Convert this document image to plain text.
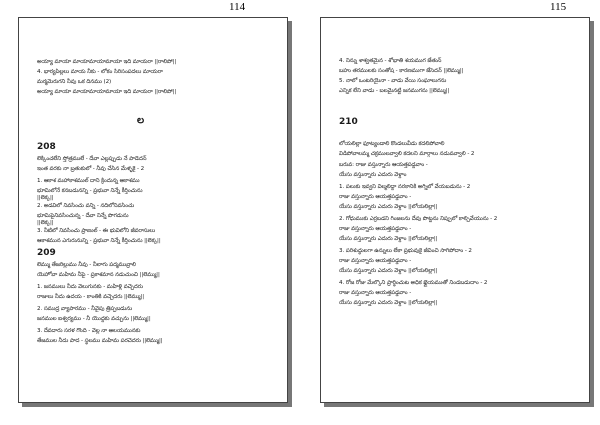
114	115
ల
208
209
అయ్యా మాయా మాయామాయామాయా ఇది మాయరా ||రాలిపో||
4. భార్యపిల్లలు మాయ నీకు - లోకం సిరిసంపదలు మాయరా
మర్మమెరుగని నీవు ఒక దినము (2)
అయ్యా మాయా మాయామాయామాయా ఇది మాయరా ||రాలిపో||
లెక్కించలేని స్తోత్రములే - దేవా ఎల్లప్పుడు నే పాడెదన్
ఇంత వరకు నా బ్రతుకులో - నీవు చేసిన మేళ్ళకై - 2
1. ఆకాశ మహాకాశముల్ దాని క్రిందున్న ఆకాశము
భూమిలోనే కనబడునన్ని - ప్రభువా నిన్నే కీర్తించును
||లెక్క||
2. అడవిలో నివసించు వన్ని - నదిలోనివసించు
భూమిపైనివసించున్న - దేవా నిన్నే పొగడును
||లెక్క||
3. నీటిలో నివసించు ప్రాణుల్ - ఈ భువిలోని జీవరాసులు
ఆకాశమున ఎగురునున్ని - ప్రభువా నిన్నే కీర్తించును ||లెక్క||
లెమ్ము తేజరిల్లుము నీవు - నీలాగు పద్మమువ్రాలి
యెహోవా మహిమ నీపై - ప్రకాశమాన నడుచుంచి ||లెమ్ము||
1. జనములు నీదు వెలుగునకు - మహిళ్లి వచ్చెదరు
రాజులు నీదు ఉదయ - కాంతికి వచ్చెదరు ||లెమ్ము||
2. సముద్ర వ్యాపారము - నీవైపు త్రిప్పబడును
జనముల ఐశ్వర్యము - నీ యొద్దకు వచ్చును ||లెమ్ము||
3. దేవదారు సరళ గొంది - వెల్ల నా ఆలయమునకు
తేజముల నీదు పాద - స్థలము మహిమ పరచెదరు ||లెమ్ము||
210
4. నిన్ను శాశ్వతమైన - శోభాతి శయముగ జేతున్
బహు తరములకు సంతోష - కారణముగా జేసెదన్ ||లెమ్ము||
5. నాలో ఒంటరియైనా - వాడు వేయి సంఘాలుగను
ఎన్నిక లేని వాడు - బలమైనట్టి జనముగను ||లెమ్ము||
లోయలిల్లా ఫూట్యండాలి కొండలువీడు కదలిపోవాలి
విడిపోవాలమ్మ చక్రములవ్వాలి కదలని మార్గాలు నడువవ్వాలి - 2
బరువ: రాజు వస్తున్నారు ఆయత్తపడ్డవాం -
యేసు వస్తున్నారు ఎదురు వెళ్దాం
1. పలుకు ఇవ్వని విల్మలిద్దా నరకానికి అగ్నిలో వేయబడును - 2
రాజు వస్తున్నారు ఆయత్తపడ్డవాం -
యేసు వస్తున్నారు ఎదురు వెళ్దాం ||లోయలిల్లా||
2. గోధుముకు ఎర్రబడని గింజలను దేవు పొట్టను నిప్పులో కాల్చివేయును - 2
రాజు వస్తున్నారు ఆయత్తపడ్డవాం -
యేసు వస్తున్నారు ఎదురు వెళ్దాం ||లోయలిల్లా||
3. పరిశుద్ధులగా ఉన్నులు లేకా ప్రభువుకై జీవించి సాగిపోదాం - 2
రాజు వస్తున్నారు ఆయత్తపడ్డవాం -
యేసు వస్తున్నారు ఎదురు వెళ్దాం ||లోయలిల్లా||
4. రోజ రోజు మేల్కొని ప్రార్థించుట అధిక ఖ్లైయముతో నిండబడుదాం - 2
రాజు వస్తున్నారు ఆయత్తపడ్డవాం -
యేసు వస్తున్నారు ఎదురు వెళ్దాం ||లోయలిల్లా||
